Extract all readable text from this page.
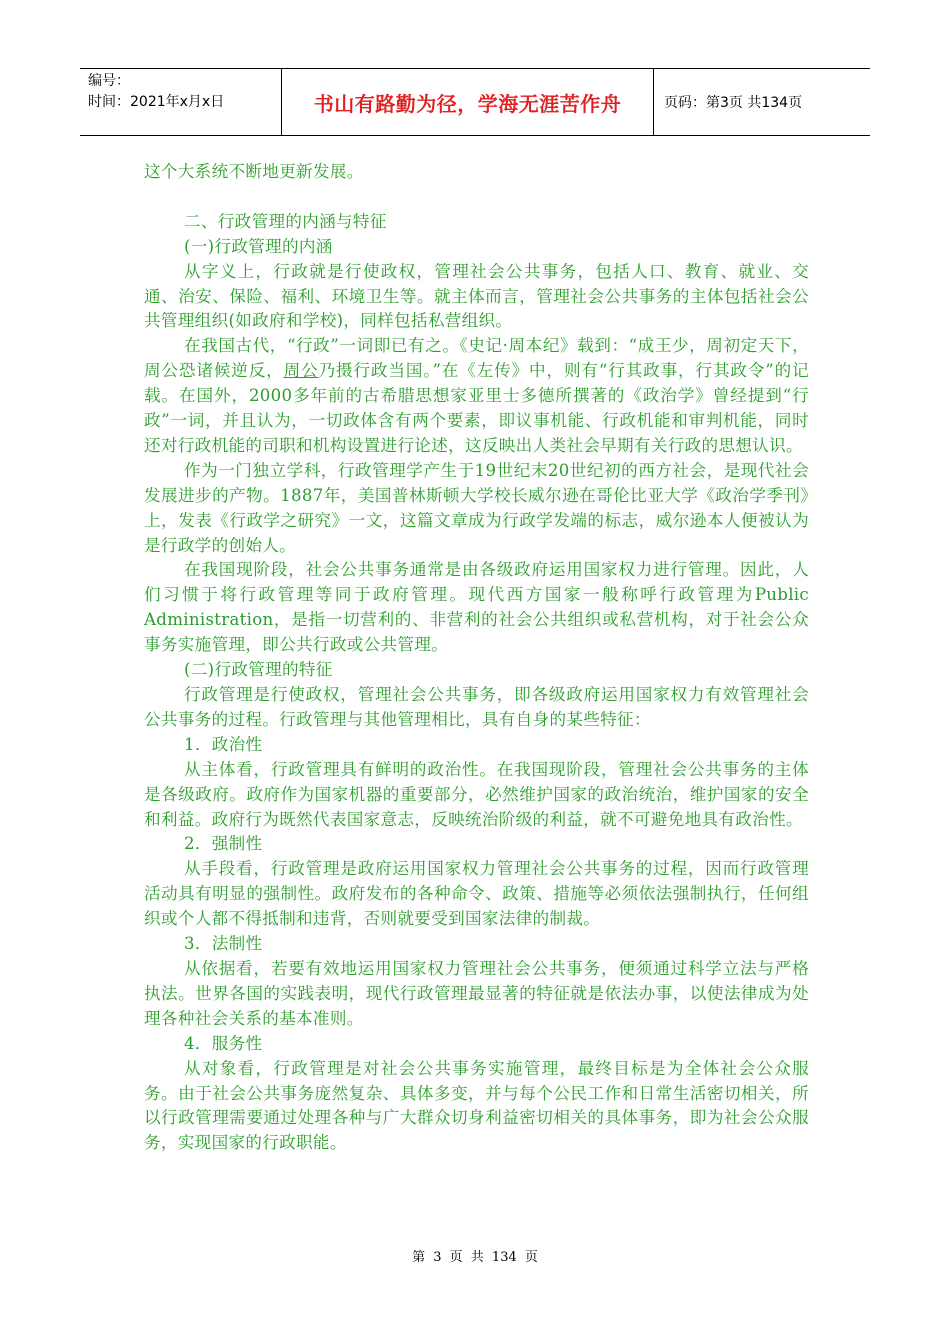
编号：
时间：2021年x月x日	书山有路勤为径，学海无涯苦作舟	页码：第3页 共134页

这个大系统不断地更新发展。

二、行政管理的内涵与特征

(一)行政管理的内涵

从字义上，行政就是行使政权，管理社会公共事务，包括人口、教育、就业、交通、治安、保险、福利、环境卫生等。就主体而言，管理社会公共事务的主体包括社会公共管理组织(如政府和学校)，同样包括私营组织。

在我国古代，“行政”一词即已有之。《史记·周本纪》载到：“成王少，周初定天下，周公恐诸候逆反，周公乃摄行政当国。”在《左传》中，则有“行其政事，行其政令”的记载。在国外，2000多年前的古希腊思想家亚里士多德所撰著的《政治学》曾经提到“行政”一词，并且认为，一切政体含有两个要素，即议事机能、行政机能和审判机能，同时还对行政机能的司职和机构设置进行论述，这反映出人类社会早期有关行政的思想认识。

作为一门独立学科，行政管理学产生于19世纪末20世纪初的西方社会，是现代社会发展进步的产物。1887年，美国普林斯顿大学校长威尔逊在哥伦比亚大学《政治学季刊》上，发表《行政学之研究》一文，这篇文章成为行政学发端的标志，威尔逊本人便被认为是行政学的创始人。

在我国现阶段，社会公共事务通常是由各级政府运用国家权力进行管理。因此，人们习惯于将行政管理等同于政府管理。现代西方国家一般称呼行政管理为Public Administration，是指一切营利的、非营利的社会公共组织或私营机构，对于社会公众事务实施管理，即公共行政或公共管理。

(二)行政管理的特征

行政管理是行使政权，管理社会公共事务，即各级政府运用国家权力有效管理社会公共事务的过程。行政管理与其他管理相比，具有自身的某些特征：

1．政治性

从主体看，行政管理具有鲜明的政治性。在我国现阶段，管理社会公共事务的主体是各级政府。政府作为国家机器的重要部分，必然维护国家的政治统治，维护国家的安全和利益。政府行为既然代表国家意志，反映统治阶级的利益，就不可避免地具有政治性。

2．强制性

从手段看，行政管理是政府运用国家权力管理社会公共事务的过程，因而行政管理活动具有明显的强制性。政府发布的各种命令、政策、措施等必须依法强制执行，任何组织或个人都不得抵制和违背，否则就要受到国家法律的制裁。

3．法制性

从依据看，若要有效地运用国家权力管理社会公共事务，便须通过科学立法与严格执法。世界各国的实践表明，现代行政管理最显著的特征就是依法办事，以使法律成为处理各种社会关系的基本准则。

4．服务性

从对象看，行政管理是对社会公共事务实施管理，最终目标是为全体社会公众服务。由于社会公共事务庞然复杂、具体多变，并与每个公民工作和日常生活密切相关，所以行政管理需要通过处理各种与广大群众切身利益密切相关的具体事务，即为社会公众服务，实现国家的行政职能。

第 3 页 共 134 页
